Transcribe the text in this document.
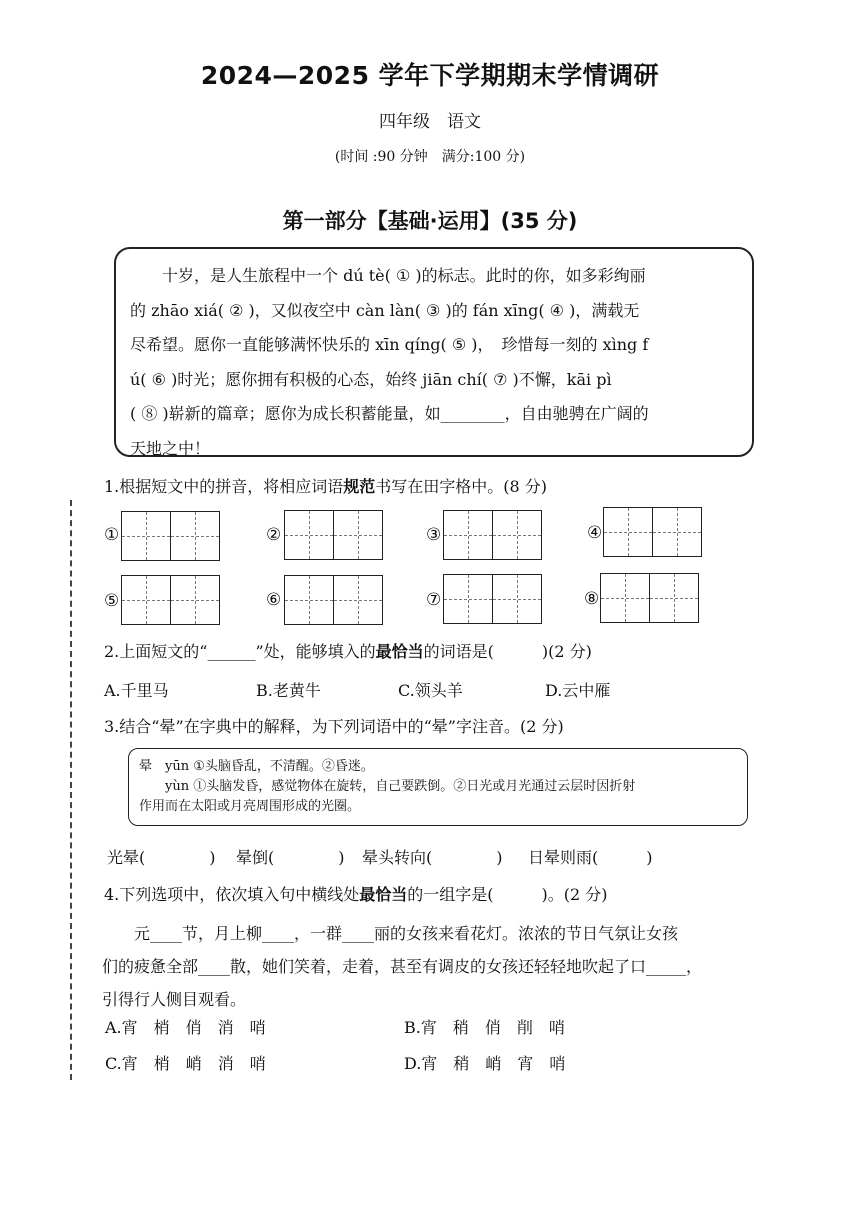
2024—2025 学年下学期期末学情调研
四年级　语文
(时间 :90 分钟　满分:100 分)
第一部分【基础·运用】(35 分)

　　十岁，是人生旅程中一个 dú tè( ① )的标志。此时的你，如多彩绚丽

的 zhāo xiá( ② )，又似夜空中 càn làn( ③ )的 fán xīng( ④ )，满载无

尽希望。愿你一直能够满怀快乐的 xīn qíng( ⑤ )，　珍惜每一刻的 xìng f

ú( ⑥ )时光；愿你拥有积极的心态，始终 jiān chí( ⑦ )不懈，kāi pì

( ⑧ )崭新的篇章；愿你为成长积蓄能量，如________，自由驰骋在广阔的

天地之中！

1.根据短文中的拼音，将相应词语规范书写在田字格中。(8 分)
①	②	③	④
⑤	⑥	⑦	⑧
2.上面短文的“______”处，能够填入的最恰当的词语是(　　　)(2 分)
A.千里马	B.老黄牛	C.领头羊	D.云中雁
3.结合“晕”在字典中的解释，为下列词语中的“晕”字注音。(2 分)
晕　yūn ①头脑昏乱，不清醒。②昏迷。
　　yùn ①头脑发昏，感觉物体在旋转，自己要跌倒。②日光或月光通过云层时因折射
作用而在太阳或月亮周围形成的光圈。
光晕(　　　　) 晕倒(　　　　) 晕头转向(　　　　) 日晕则雨(　　　)
4.下列选项中，依次填入句中横线处最恰当的一组字是(　　　)。(2 分)
　　元____节，月上柳____，一群____丽的女孩来看花灯。浓浓的节日气氛让女孩
们的疲惫全部____散，她们笑着，走着，甚至有调皮的女孩还轻轻地吹起了口_____，
引得行人侧目观看。
A.宵　梢　俏　消　哨	B.宵　稍　俏　削　哨
C.宵　梢　峭　消　哨	D.宵　稍　峭　宵　哨
